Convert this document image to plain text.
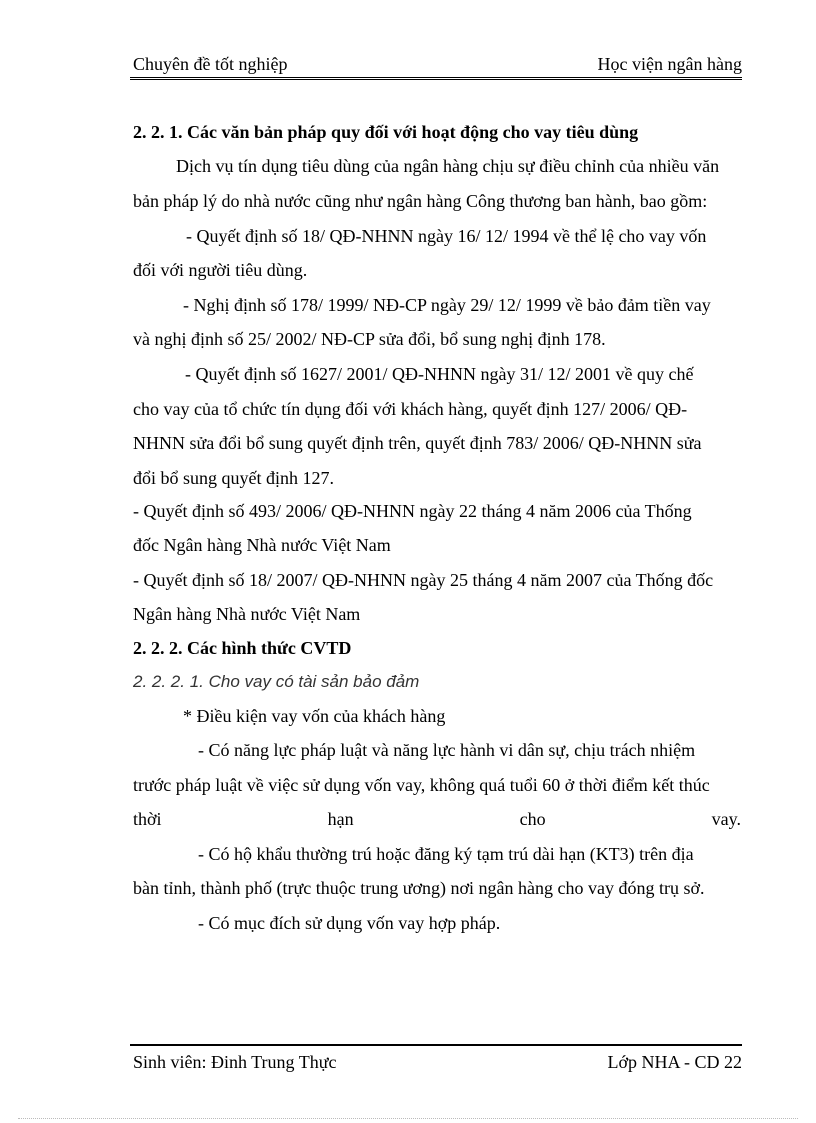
Chuyên đề tốt nghiệp	Học viện ngân hàng
2. 2. 1. Các văn bản pháp quy đối với hoạt động cho vay tiêu dùng
Dịch vụ tín dụng tiêu dùng của ngân hàng chịu sự điều chỉnh của nhiều văn
bản pháp lý do nhà nước cũng như ngân hàng Công thương ban hành, bao gồm:
- Quyết định số 18/ QĐ-NHNN ngày 16/ 12/ 1994 về thể lệ cho vay vốn
đối với người tiêu dùng.
- Nghị định số 178/ 1999/ NĐ-CP ngày 29/ 12/ 1999 về bảo đảm tiền vay
và nghị định số 25/ 2002/ NĐ-CP sửa đổi, bổ sung nghị định 178.
- Quyết định số 1627/ 2001/ QĐ-NHNN ngày 31/ 12/ 2001 về quy chế
cho vay của tổ chức tín dụng đối với khách hàng, quyết định 127/ 2006/ QĐ-
NHNN sửa đổi bổ sung quyết định trên, quyết định 783/ 2006/ QĐ-NHNN sửa
đổi bổ sung quyết định 127.
- Quyết định số 493/ 2006/ QĐ-NHNN ngày 22 tháng 4 năm 2006 của Thống
đốc Ngân hàng Nhà nước Việt Nam
- Quyết định số 18/ 2007/ QĐ-NHNN ngày 25 tháng 4 năm 2007 của Thống đốc
Ngân hàng Nhà nước Việt Nam
2. 2. 2. Các hình thức CVTD
2. 2. 2. 1. Cho vay có tài sản bảo đảm
* Điều kiện vay vốn của khách hàng
- Có năng lực pháp luật và năng lực hành vi dân sự, chịu trách nhiệm
trước pháp luật về việc sử dụng vốn vay, không quá tuổi 60 ở thời điểm kết thúc
thời	hạn	cho	vay.
- Có hộ khẩu thường trú hoặc đăng ký tạm trú dài hạn (KT3) trên địa
bàn tỉnh, thành phố (trực thuộc trung ương) nơi ngân hàng cho vay đóng trụ sở.
- Có mục đích sử dụng vốn vay hợp pháp.
Sinh viên: Đinh Trung Thực	Lớp NHA - CD 22
